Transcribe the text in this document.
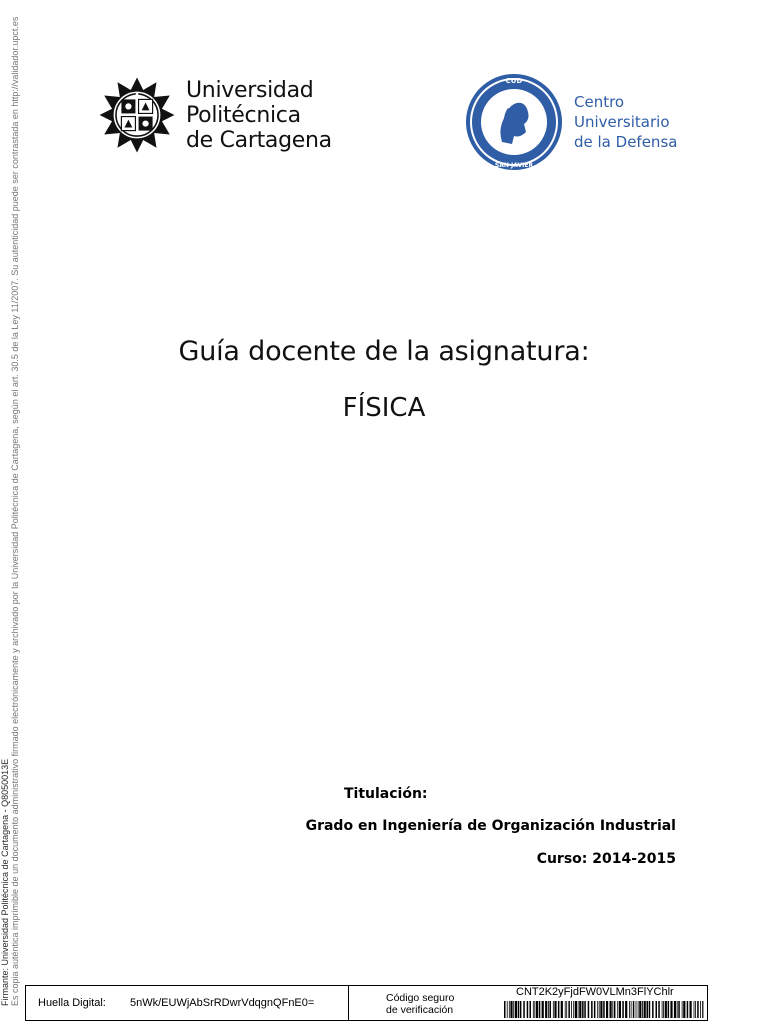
Firmante: Universidad Politécnica de Cartagena - Q8050013E Es copia auténtica imprimible de un documento administrativo firmado electrónicamente y archivado por la Universidad Politécnica de Cartagena, según el art. 30.5 de la Ley 11/2007. Su autenticidad puede ser contrastada en http://validador.upct.es	Universidad
Politécnica
de Cartagena
CUD
SAN JAVIER
Centro
Universitario
de la Defensa
Guía docente de la asignatura:
FÍSICA
Titulación:
Grado en Ingeniería de Organización Industrial
Curso: 2014-2015
Huella Digital: 5nWk/EUWjAbSrRDwrVdqgnQFnE0=	Código seguro
de verificación
CNT2K2yFjdFW0VLMn3FlYChlr
